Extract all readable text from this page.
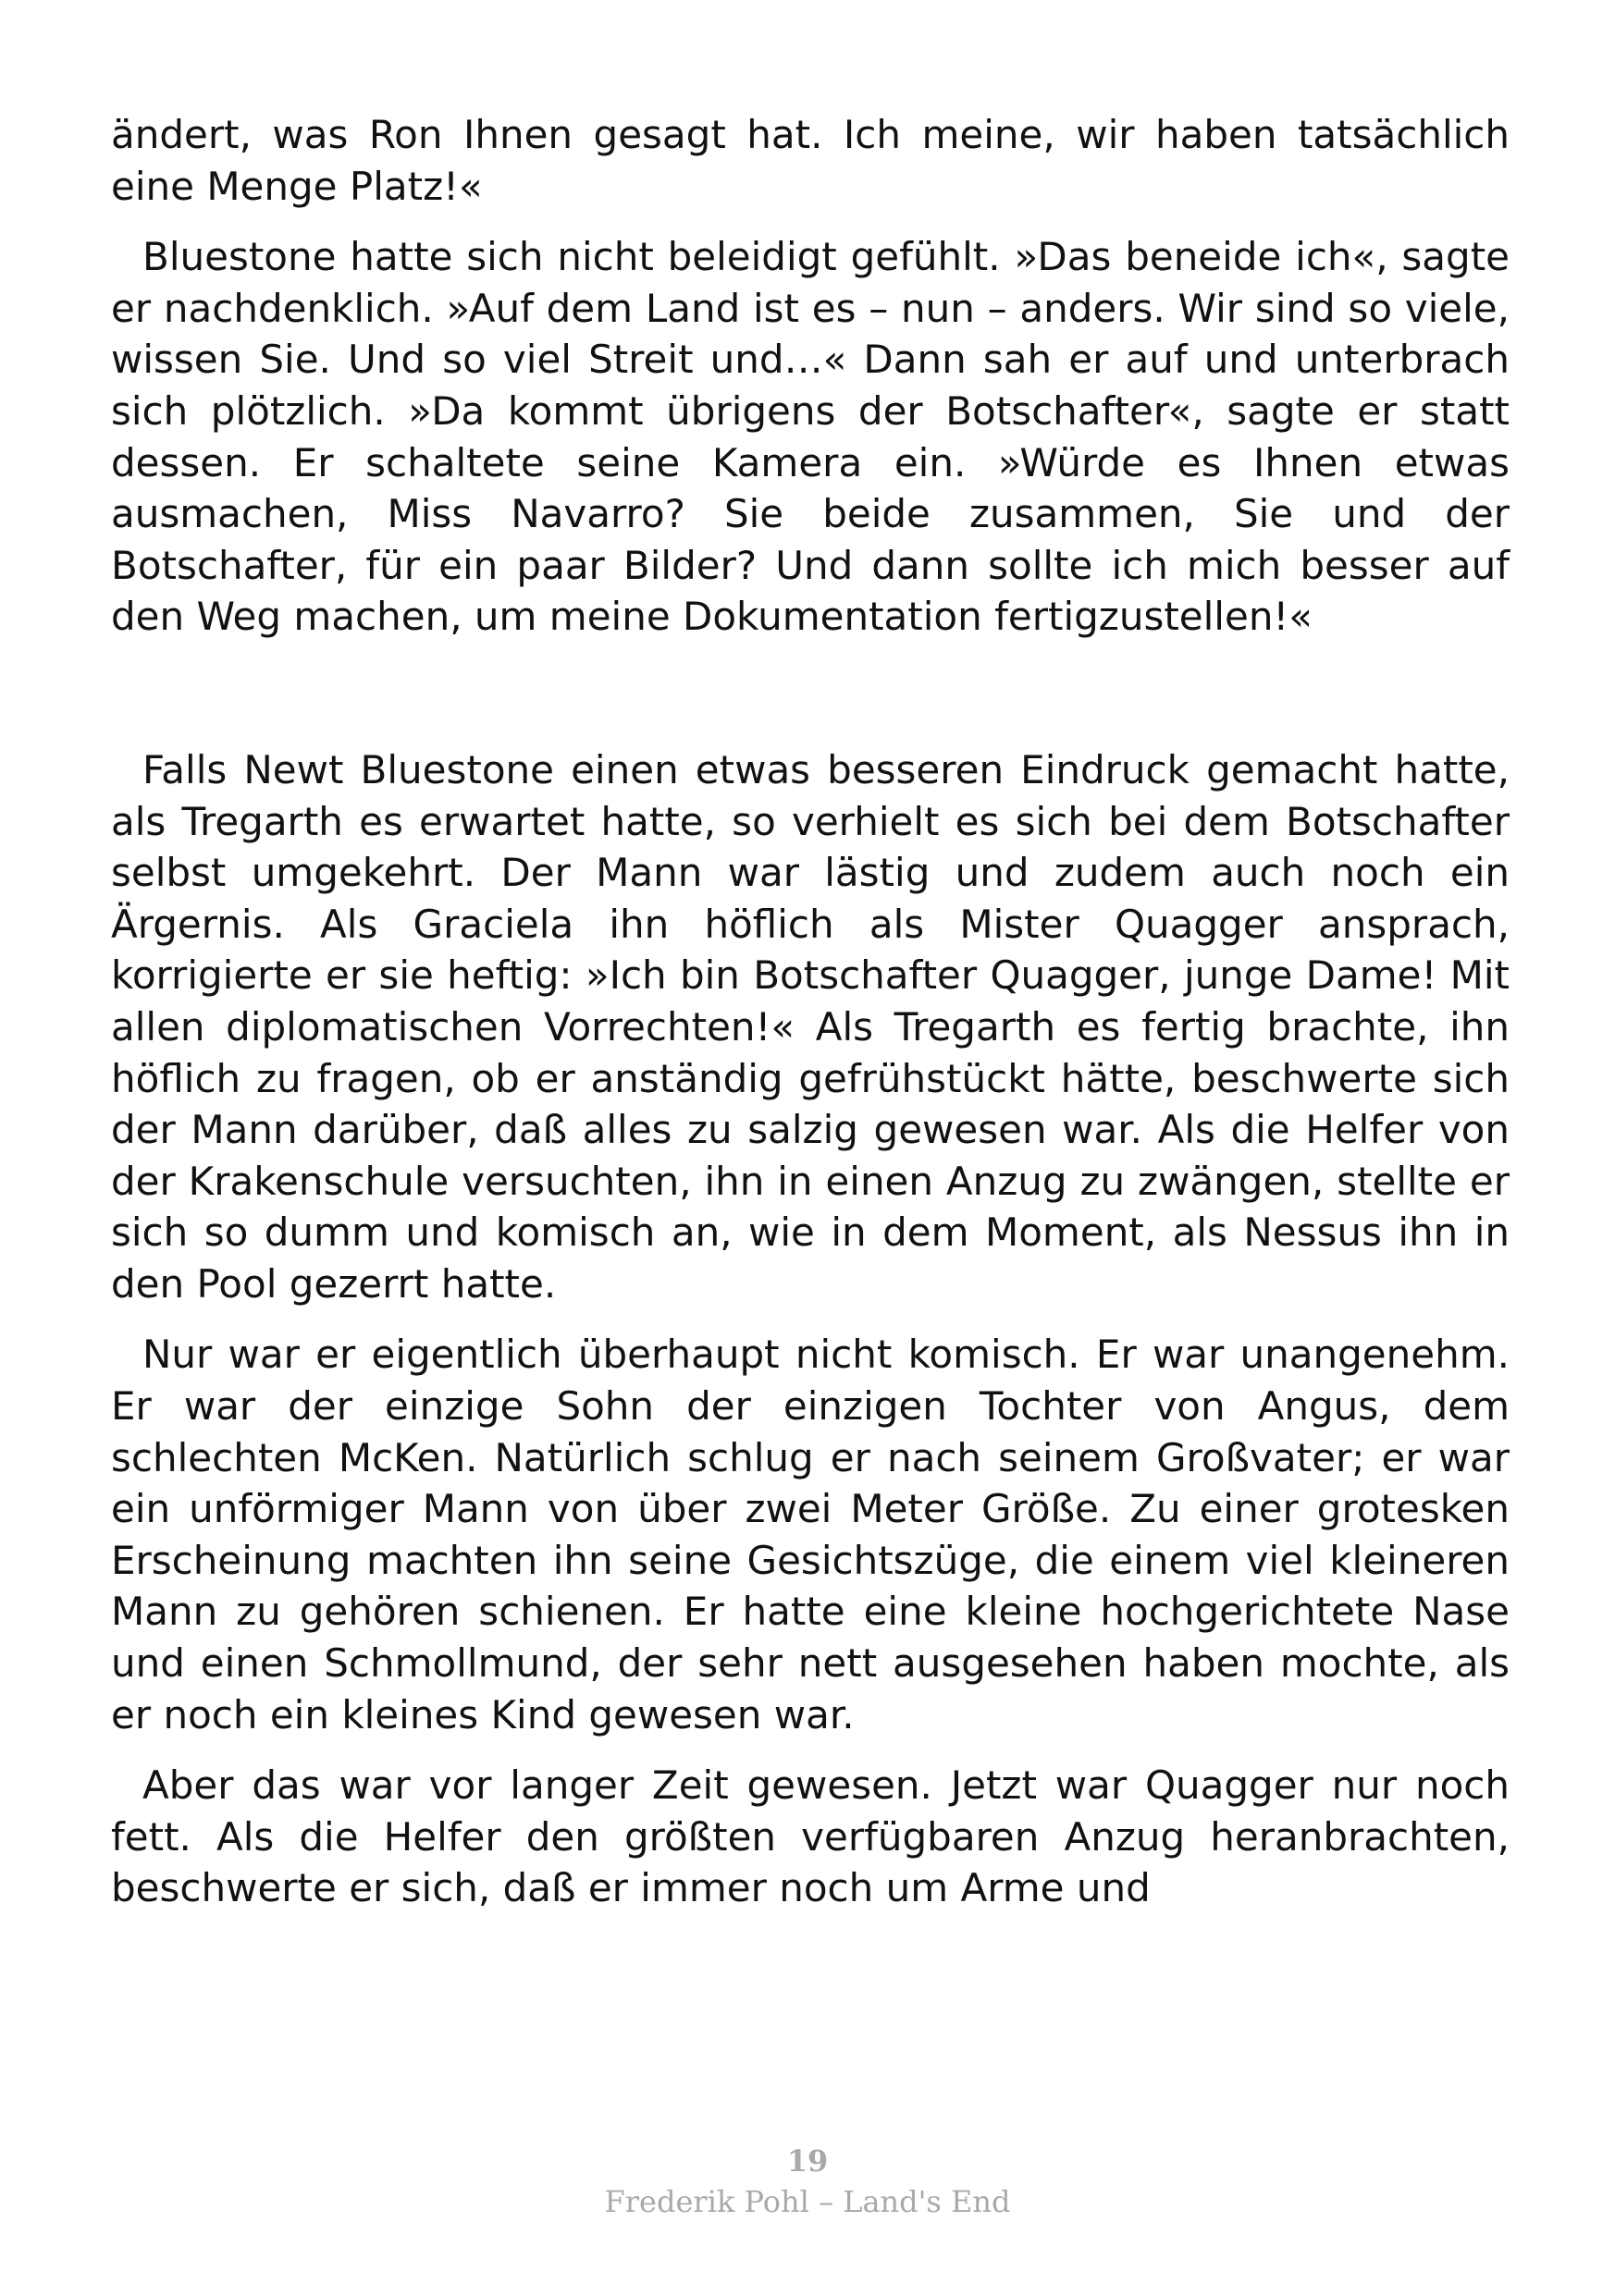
ändert, was Ron Ihnen gesagt hat. Ich meine, wir haben tatsächlich eine Menge Platz!«

Bluestone hatte sich nicht beleidigt gefühlt. »Das beneide ich«, sagte er nachdenklich. »Auf dem Land ist es – nun – anders. Wir sind so viele, wissen Sie. Und so viel Streit und…« Dann sah er auf und unterbrach sich plötzlich. »Da kommt übrigens der Botschafter«, sagte er statt dessen. Er schaltete seine Kamera ein. »Würde es Ihnen etwas ausmachen, Miss Navarro? Sie beide zusammen, Sie und der Botschafter, für ein paar Bilder? Und dann sollte ich mich besser auf den Weg machen, um meine Dokumentation fertigzustellen!«

Falls Newt Bluestone einen etwas besseren Eindruck gemacht hatte, als Tregarth es erwartet hatte, so verhielt es sich bei dem Botschafter selbst umgekehrt. Der Mann war lästig und zudem auch noch ein Ärgernis. Als Graciela ihn höflich als Mister Quagger ansprach, korrigierte er sie heftig: »Ich bin Botschafter Quagger, junge Dame! Mit allen diplomatischen Vorrechten!« Als Tregarth es fertig brachte, ihn höflich zu fragen, ob er anständig gefrühstückt hätte, beschwerte sich der Mann darüber, daß alles zu salzig gewesen war. Als die Helfer von der Krakenschule versuchten, ihn in einen Anzug zu zwängen, stellte er sich so dumm und komisch an, wie in dem Moment, als Nessus ihn in den Pool gezerrt hatte.

Nur war er eigentlich überhaupt nicht komisch. Er war unangenehm. Er war der einzige Sohn der einzigen Tochter von Angus, dem schlechten McKen. Natürlich schlug er nach seinem Großvater; er war ein unförmiger Mann von über zwei Meter Größe. Zu einer grotesken Erscheinung machten ihn seine Gesichtszüge, die einem viel kleineren Mann zu gehören schienen. Er hatte eine kleine hochgerichtete Nase und einen Schmollmund, der sehr nett ausgesehen haben mochte, als er noch ein kleines Kind gewesen war.

Aber das war vor langer Zeit gewesen. Jetzt war Quagger nur noch fett. Als die Helfer den größten verfügbaren Anzug heranbrachten, beschwerte er sich, daß er immer noch um Arme und

19
Frederik Pohl – Land's End
